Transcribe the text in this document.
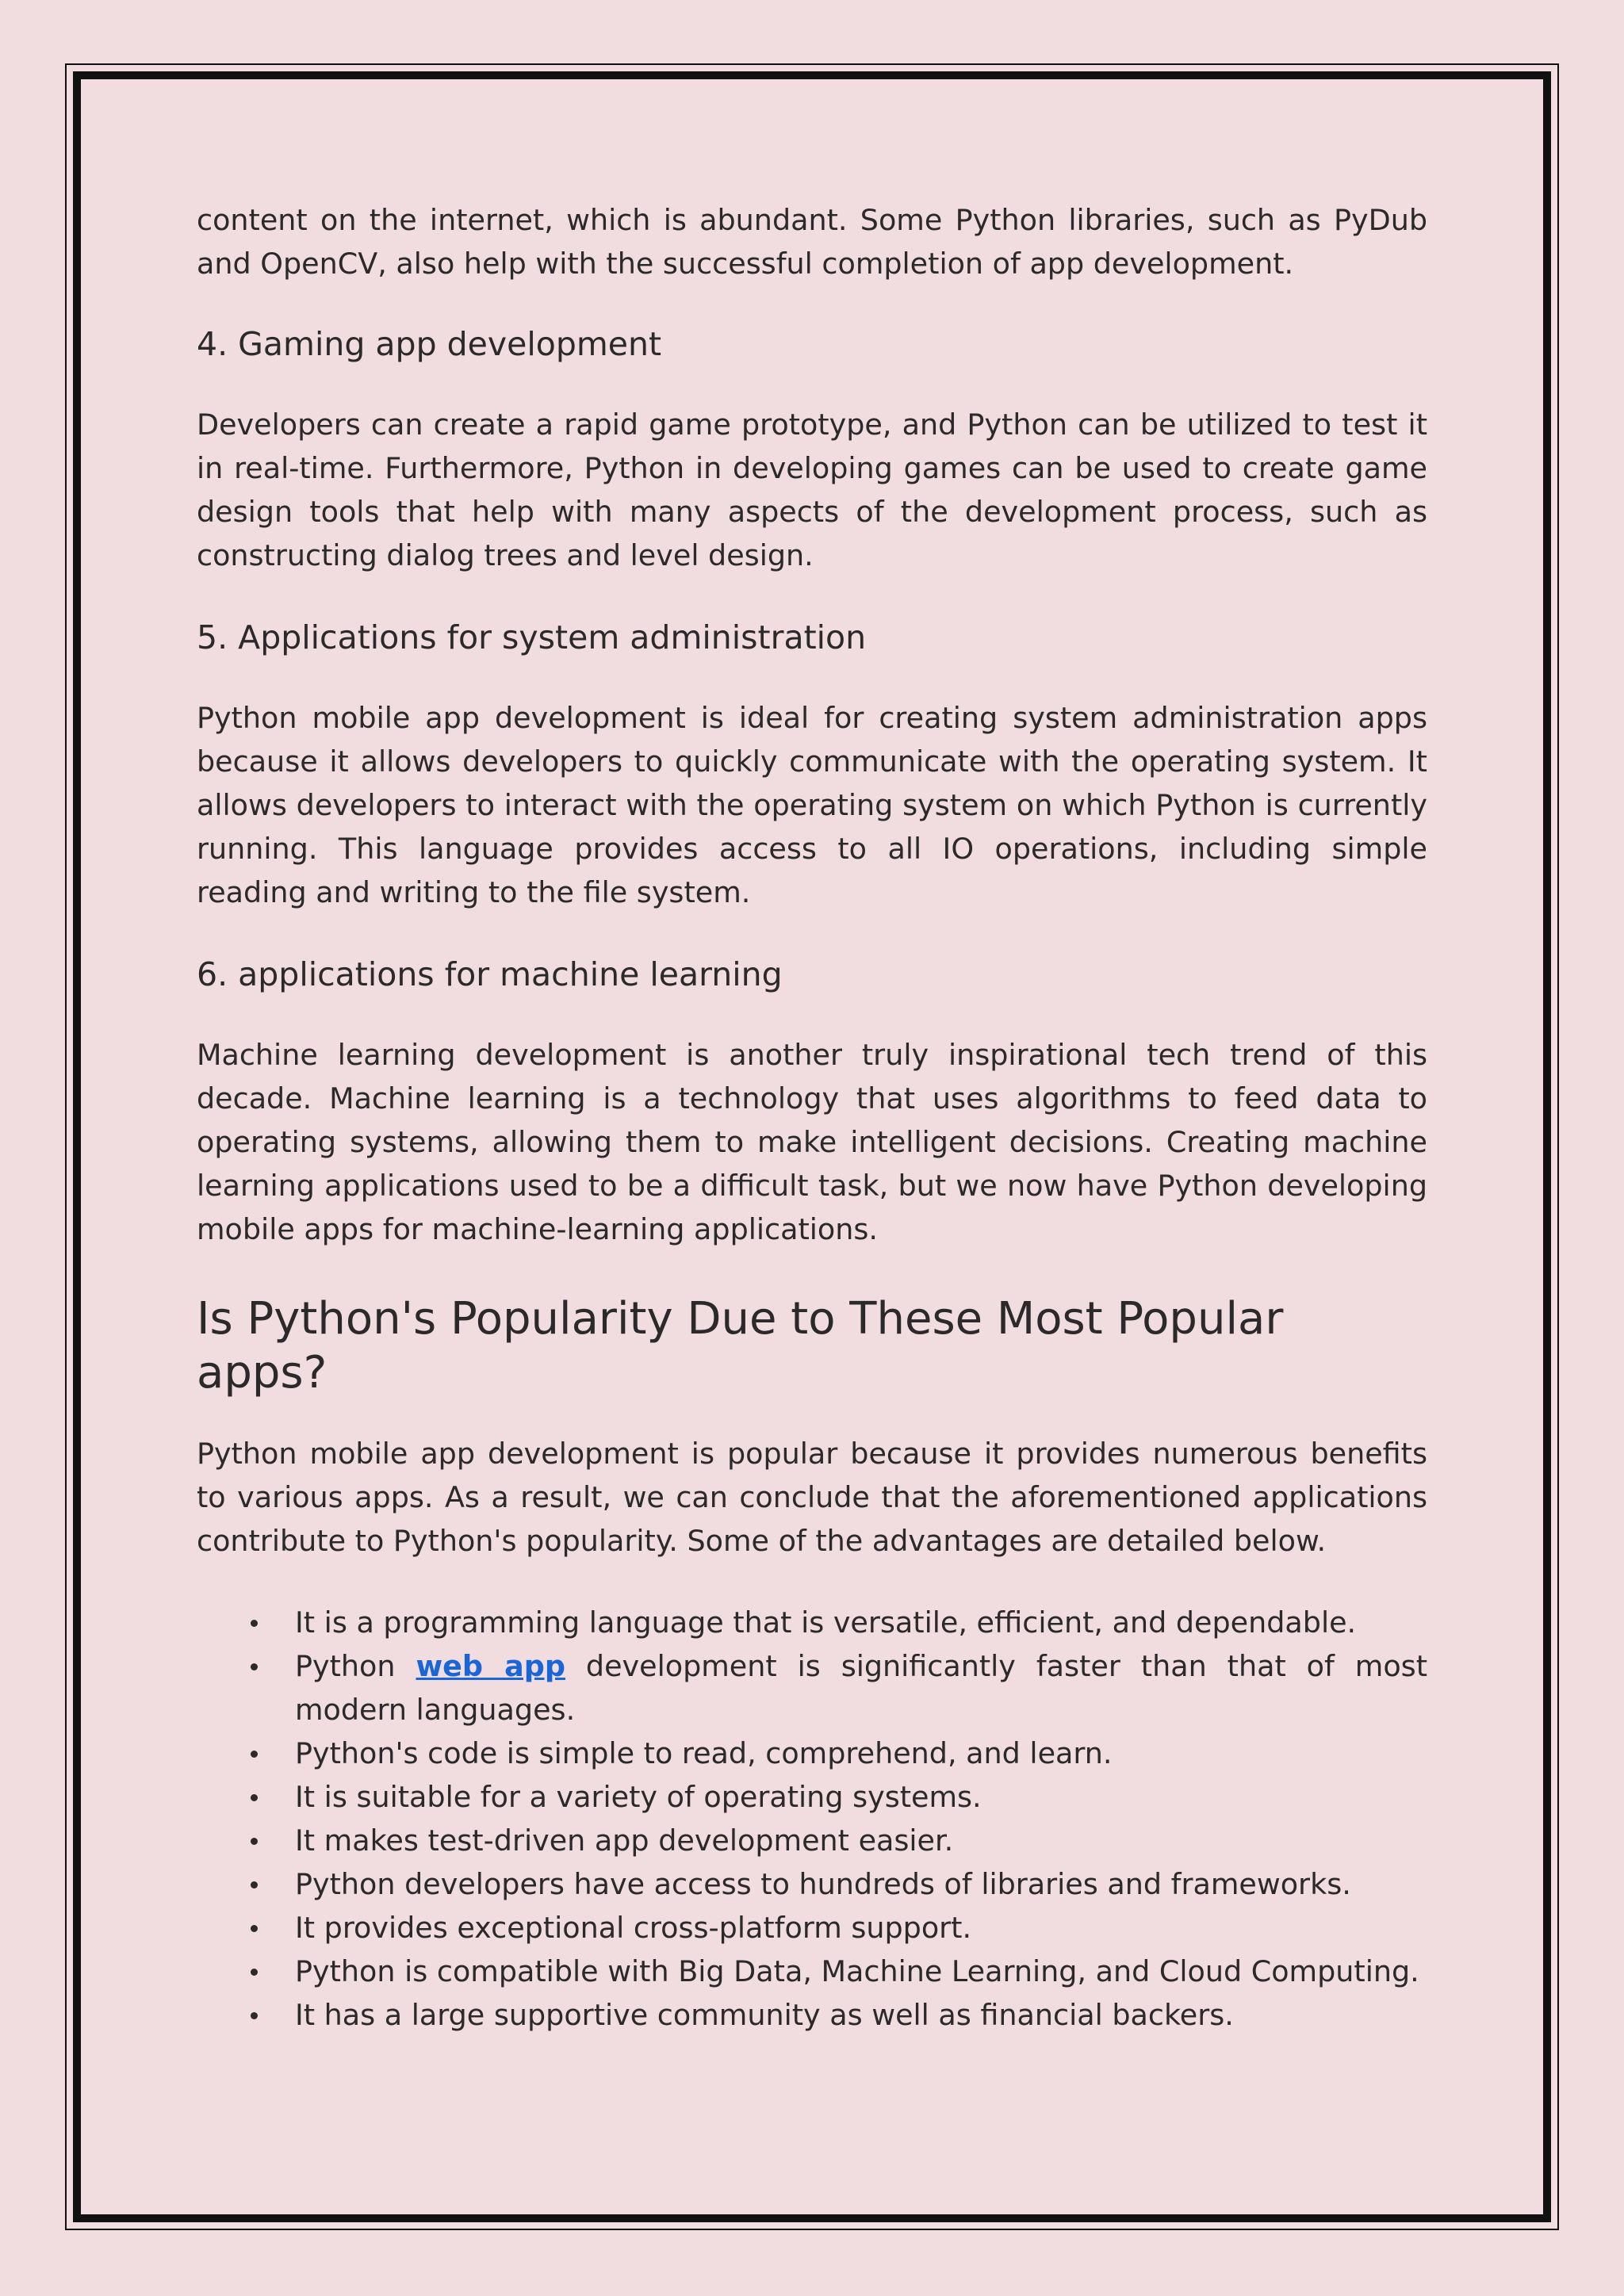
content on the internet, which is abundant. Some Python libraries, such as PyDub and OpenCV, also help with the successful completion of app development.

4. Gaming app development

Developers can create a rapid game prototype, and Python can be utilized to test it in real-time. Furthermore, Python in developing games can be used to create game design tools that help with many aspects of the development process, such as constructing dialog trees and level design.

5. Applications for system administration

Python mobile app development is ideal for creating system administration apps because it allows developers to quickly communicate with the operating system. It allows developers to interact with the operating system on which Python is currently running. This language provides access to all IO operations, including simple reading and writing to the file system.

6. applications for machine learning

Machine learning development is another truly inspirational tech trend of this decade. Machine learning is a technology that uses algorithms to feed data to operating systems, allowing them to make intelligent decisions. Creating machine learning applications used to be a difficult task, but we now have Python developing mobile apps for machine-learning applications.

Is Python's Popularity Due to These Most Popular apps?

Python mobile app development is popular because it provides numerous benefits to various apps. As a result, we can conclude that the aforementioned applications contribute to Python's popularity. Some of the advantages are detailed below.

It is a programming language that is versatile, efficient, and dependable.
Python web app development is significantly faster than that of most modern languages.
Python's code is simple to read, comprehend, and learn.
It is suitable for a variety of operating systems.
It makes test-driven app development easier.
Python developers have access to hundreds of libraries and frameworks.
It provides exceptional cross-platform support.
Python is compatible with Big Data, Machine Learning, and Cloud Computing.
It has a large supportive community as well as financial backers.
